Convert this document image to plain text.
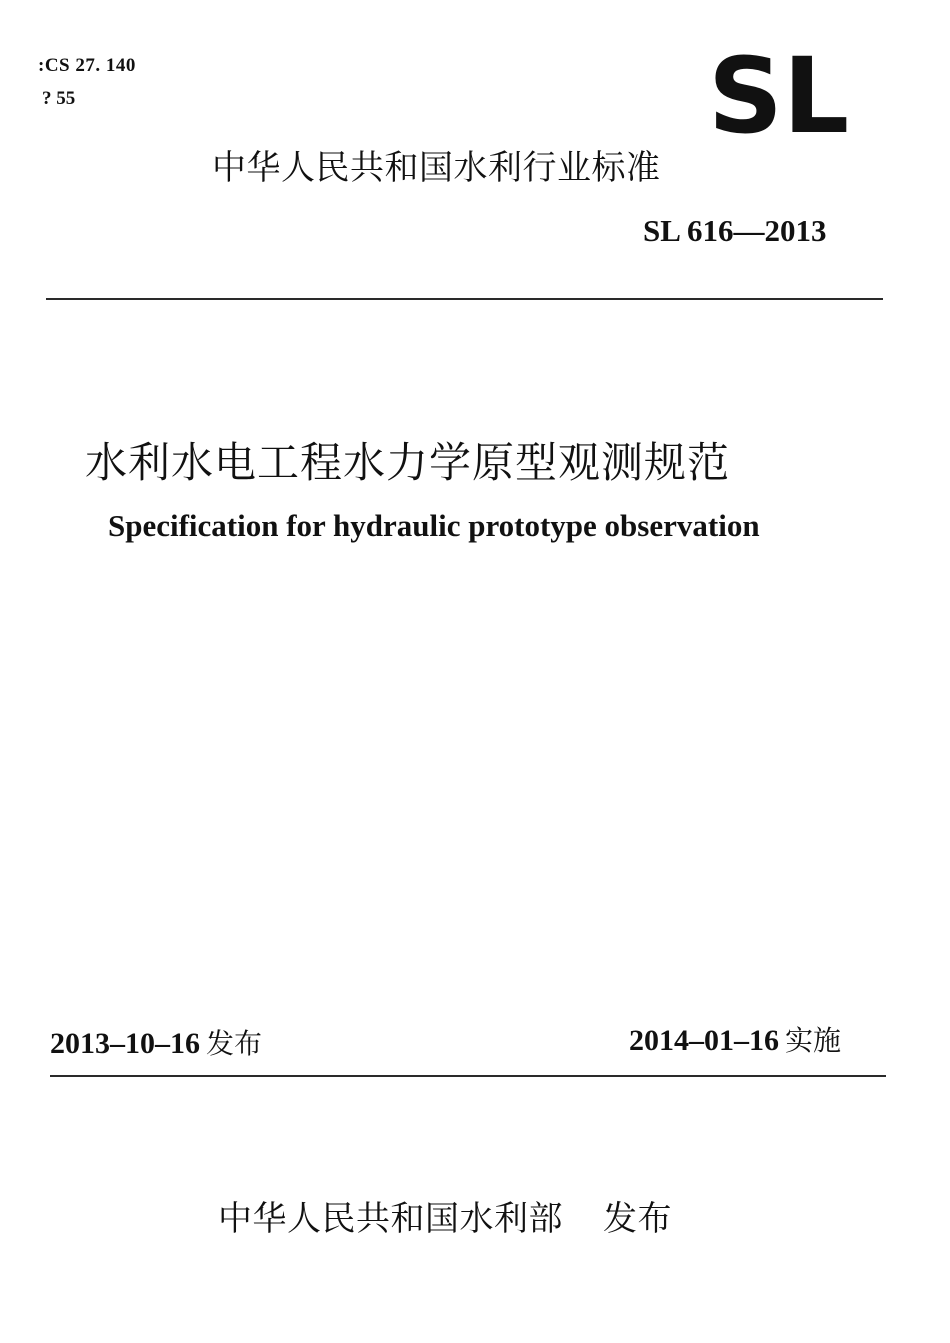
:CS 27. 140
? 55	SL
中华人民共和国水利行业标准
SL 616—2013
水利水电工程水力学原型观测规范
Specification for hydraulic prototype observation
2013–10–16 发布	2014–01–16 实施
中华人民共和国水利部 发布
